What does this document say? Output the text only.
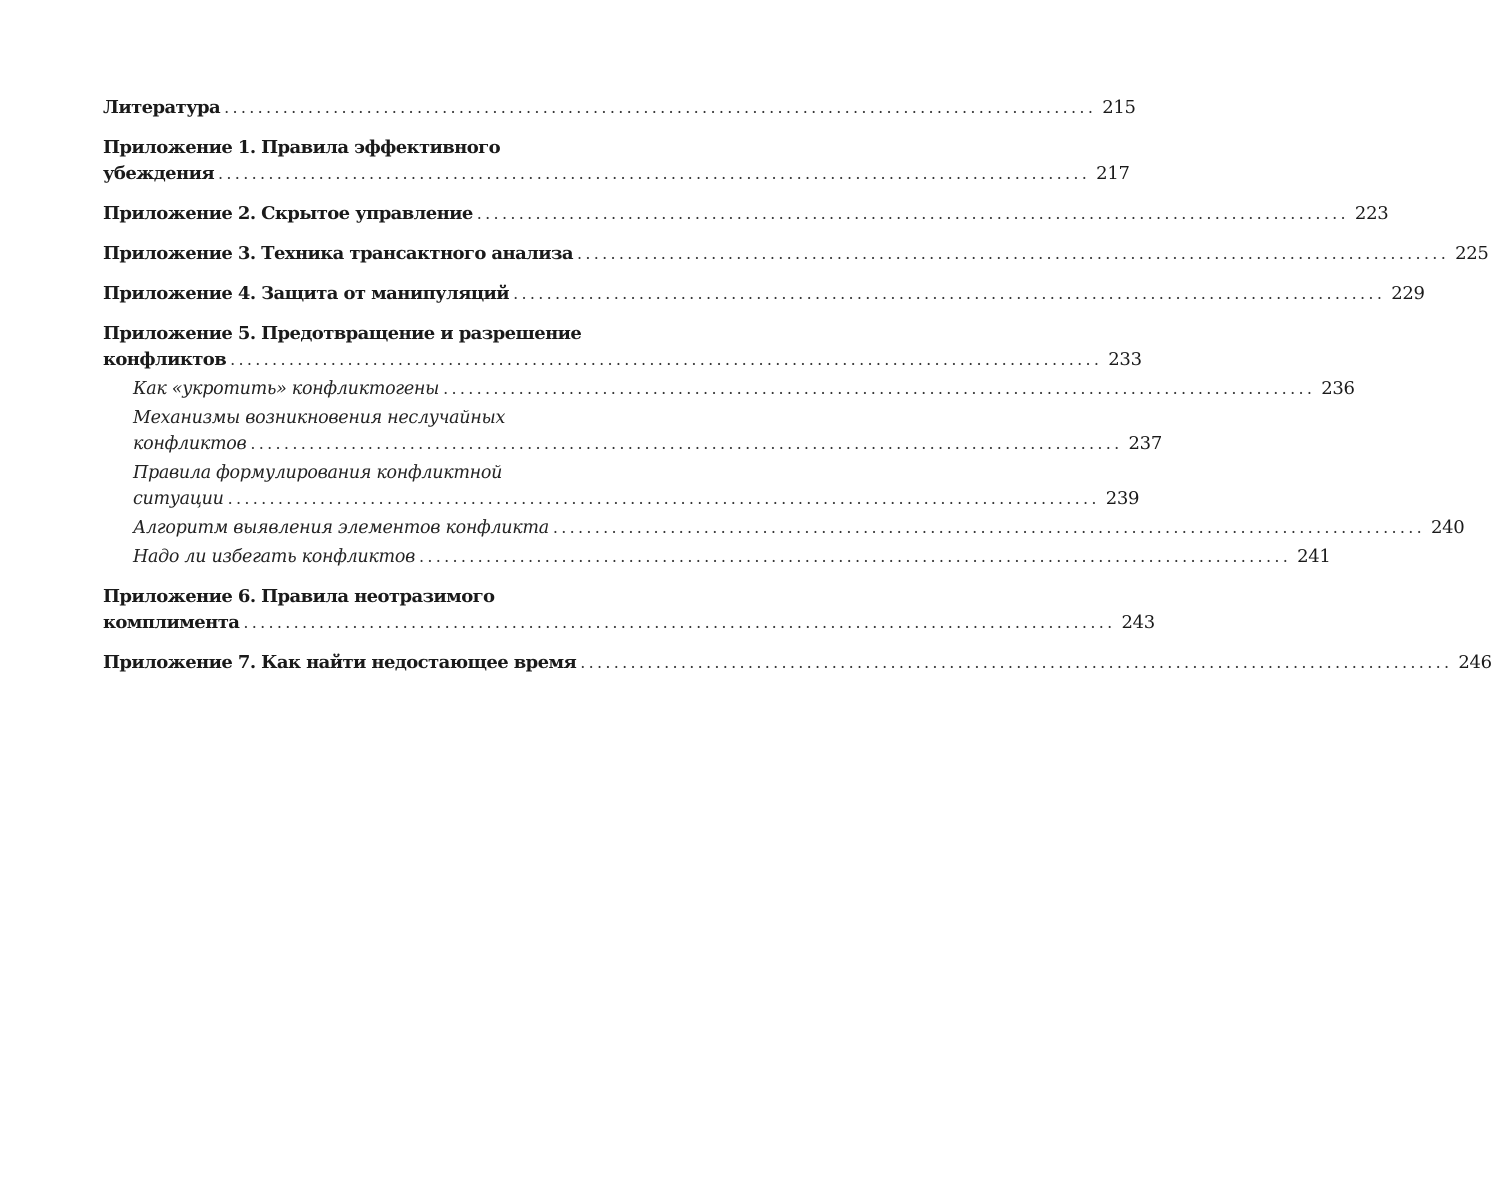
Литература ........................................................................................................ 215
Приложение 1. Правила эффективного
убеждения ........................................................................................................ 217
Приложение 2. Скрытое управление ........................................................................................................ 223
Приложение 3. Техника трансактного анализа ........................................................................................................ 225
Приложение 4. Защита от манипуляций ........................................................................................................ 229
Приложение 5. Предотвращение и разрешение
конфликтов ........................................................................................................ 233
Как «укротить» конфликтогены ........................................................................................................ 236
Механизмы возникновения неслучайных
конфликтов ........................................................................................................ 237
Правила формулирования конфликтной
ситуации ........................................................................................................ 239
Алгоритм выявления элементов конфликта ........................................................................................................ 240
Надо ли избегать конфликтов ........................................................................................................ 241
Приложение 6. Правила неотразимого
комплимента ........................................................................................................ 243
Приложение 7. Как найти недостающее время ........................................................................................................ 246
